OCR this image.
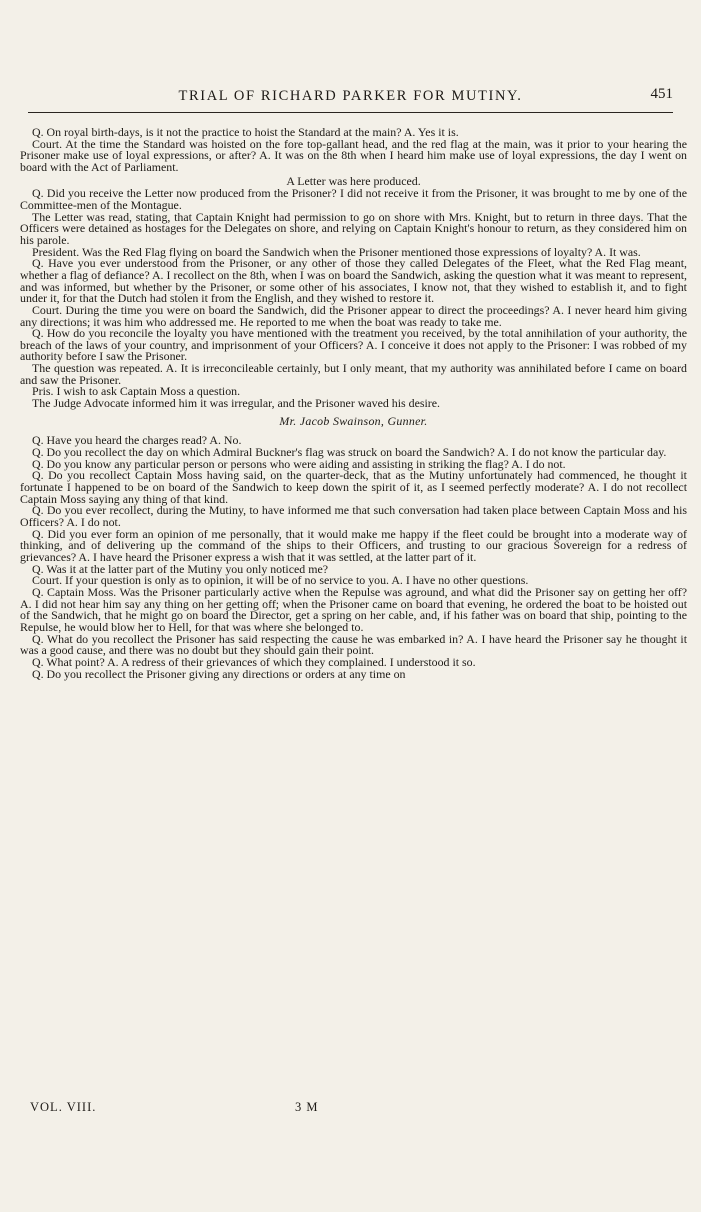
TRIAL OF RICHARD PARKER FOR MUTINY.	451

Q. On royal birth-days, is it not the practice to hoist the Standard at the main? A. Yes it is.

Court. At the time the Standard was hoisted on the fore top-gallant head, and the red flag at the main, was it prior to your hearing the Prisoner make use of loyal expressions, or after? A. It was on the 8th when I heard him make use of loyal expressions, the day I went on board with the Act of Parliament.

A Letter was here produced.

Q. Did you receive the Letter now produced from the Prisoner? I did not receive it from the Prisoner, it was brought to me by one of the Committee-men of the Montague.

The Letter was read, stating, that Captain Knight had permission to go on shore with Mrs. Knight, but to return in three days. That the Officers were detained as hostages for the Delegates on shore, and relying on Captain Knight's honour to return, as they considered him on his parole.

President. Was the Red Flag flying on board the Sandwich when the Prisoner mentioned those expressions of loyalty? A. It was.

Q. Have you ever understood from the Prisoner, or any other of those they called Delegates of the Fleet, what the Red Flag meant, whether a flag of defiance? A. I recollect on the 8th, when I was on board the Sandwich, asking the question what it was meant to represent, and was informed, but whether by the Prisoner, or some other of his associates, I know not, that they wished to establish it, and to fight under it, for that the Dutch had stolen it from the English, and they wished to restore it.

Court. During the time you were on board the Sandwich, did the Prisoner appear to direct the proceedings? A. I never heard him giving any directions; it was him who addressed me. He reported to me when the boat was ready to take me.

Q. How do you reconcile the loyalty you have mentioned with the treatment you received, by the total annihilation of your authority, the breach of the laws of your country, and imprisonment of your Officers? A. I conceive it does not apply to the Prisoner: I was robbed of my authority before I saw the Prisoner.

The question was repeated. A. It is irreconcileable certainly, but I only meant, that my authority was annihilated before I came on board and saw the Prisoner.

Pris. I wish to ask Captain Moss a question.

The Judge Advocate informed him it was irregular, and the Prisoner waved his desire.

Mr. Jacob Swainson, Gunner.

Q. Have you heard the charges read? A. No.

Q. Do you recollect the day on which Admiral Buckner's flag was struck on board the Sandwich? A. I do not know the particular day.

Q. Do you know any particular person or persons who were aiding and assisting in striking the flag? A. I do not.

Q. Do you recollect Captain Moss having said, on the quarter-deck, that as the Mutiny unfortunately had commenced, he thought it fortunate I happened to be on board of the Sandwich to keep down the spirit of it, as I seemed perfectly moderate? A. I do not recollect Captain Moss saying any thing of that kind.

Q. Do you ever recollect, during the Mutiny, to have informed me that such conversation had taken place between Captain Moss and his Officers? A. I do not.

Q. Did you ever form an opinion of me personally, that it would make me happy if the fleet could be brought into a moderate way of thinking, and of delivering up the command of the ships to their Officers, and trusting to our gracious Sovereign for a redress of grievances? A. I have heard the Prisoner express a wish that it was settled, at the latter part of it.

Q. Was it at the latter part of the Mutiny you only noticed me?

Court. If your question is only as to opinion, it will be of no service to you. A. I have no other questions.

Q. Captain Moss. Was the Prisoner particularly active when the Repulse was aground, and what did the Prisoner say on getting her off? A. I did not hear him say any thing on her getting off; when the Prisoner came on board that evening, he ordered the boat to be hoisted out of the Sandwich, that he might go on board the Director, get a spring on her cable, and, if his father was on board that ship, pointing to the Repulse, he would blow her to Hell, for that was where she belonged to.

Q. What do you recollect the Prisoner has said respecting the cause he was embarked in? A. I have heard the Prisoner say he thought it was a good cause, and there was no doubt but they should gain their point.

Q. What point? A. A redress of their grievances of which they complained. I understood it so.

Q. Do you recollect the Prisoner giving any directions or orders at any time on

VOL. VIII.	3 M
